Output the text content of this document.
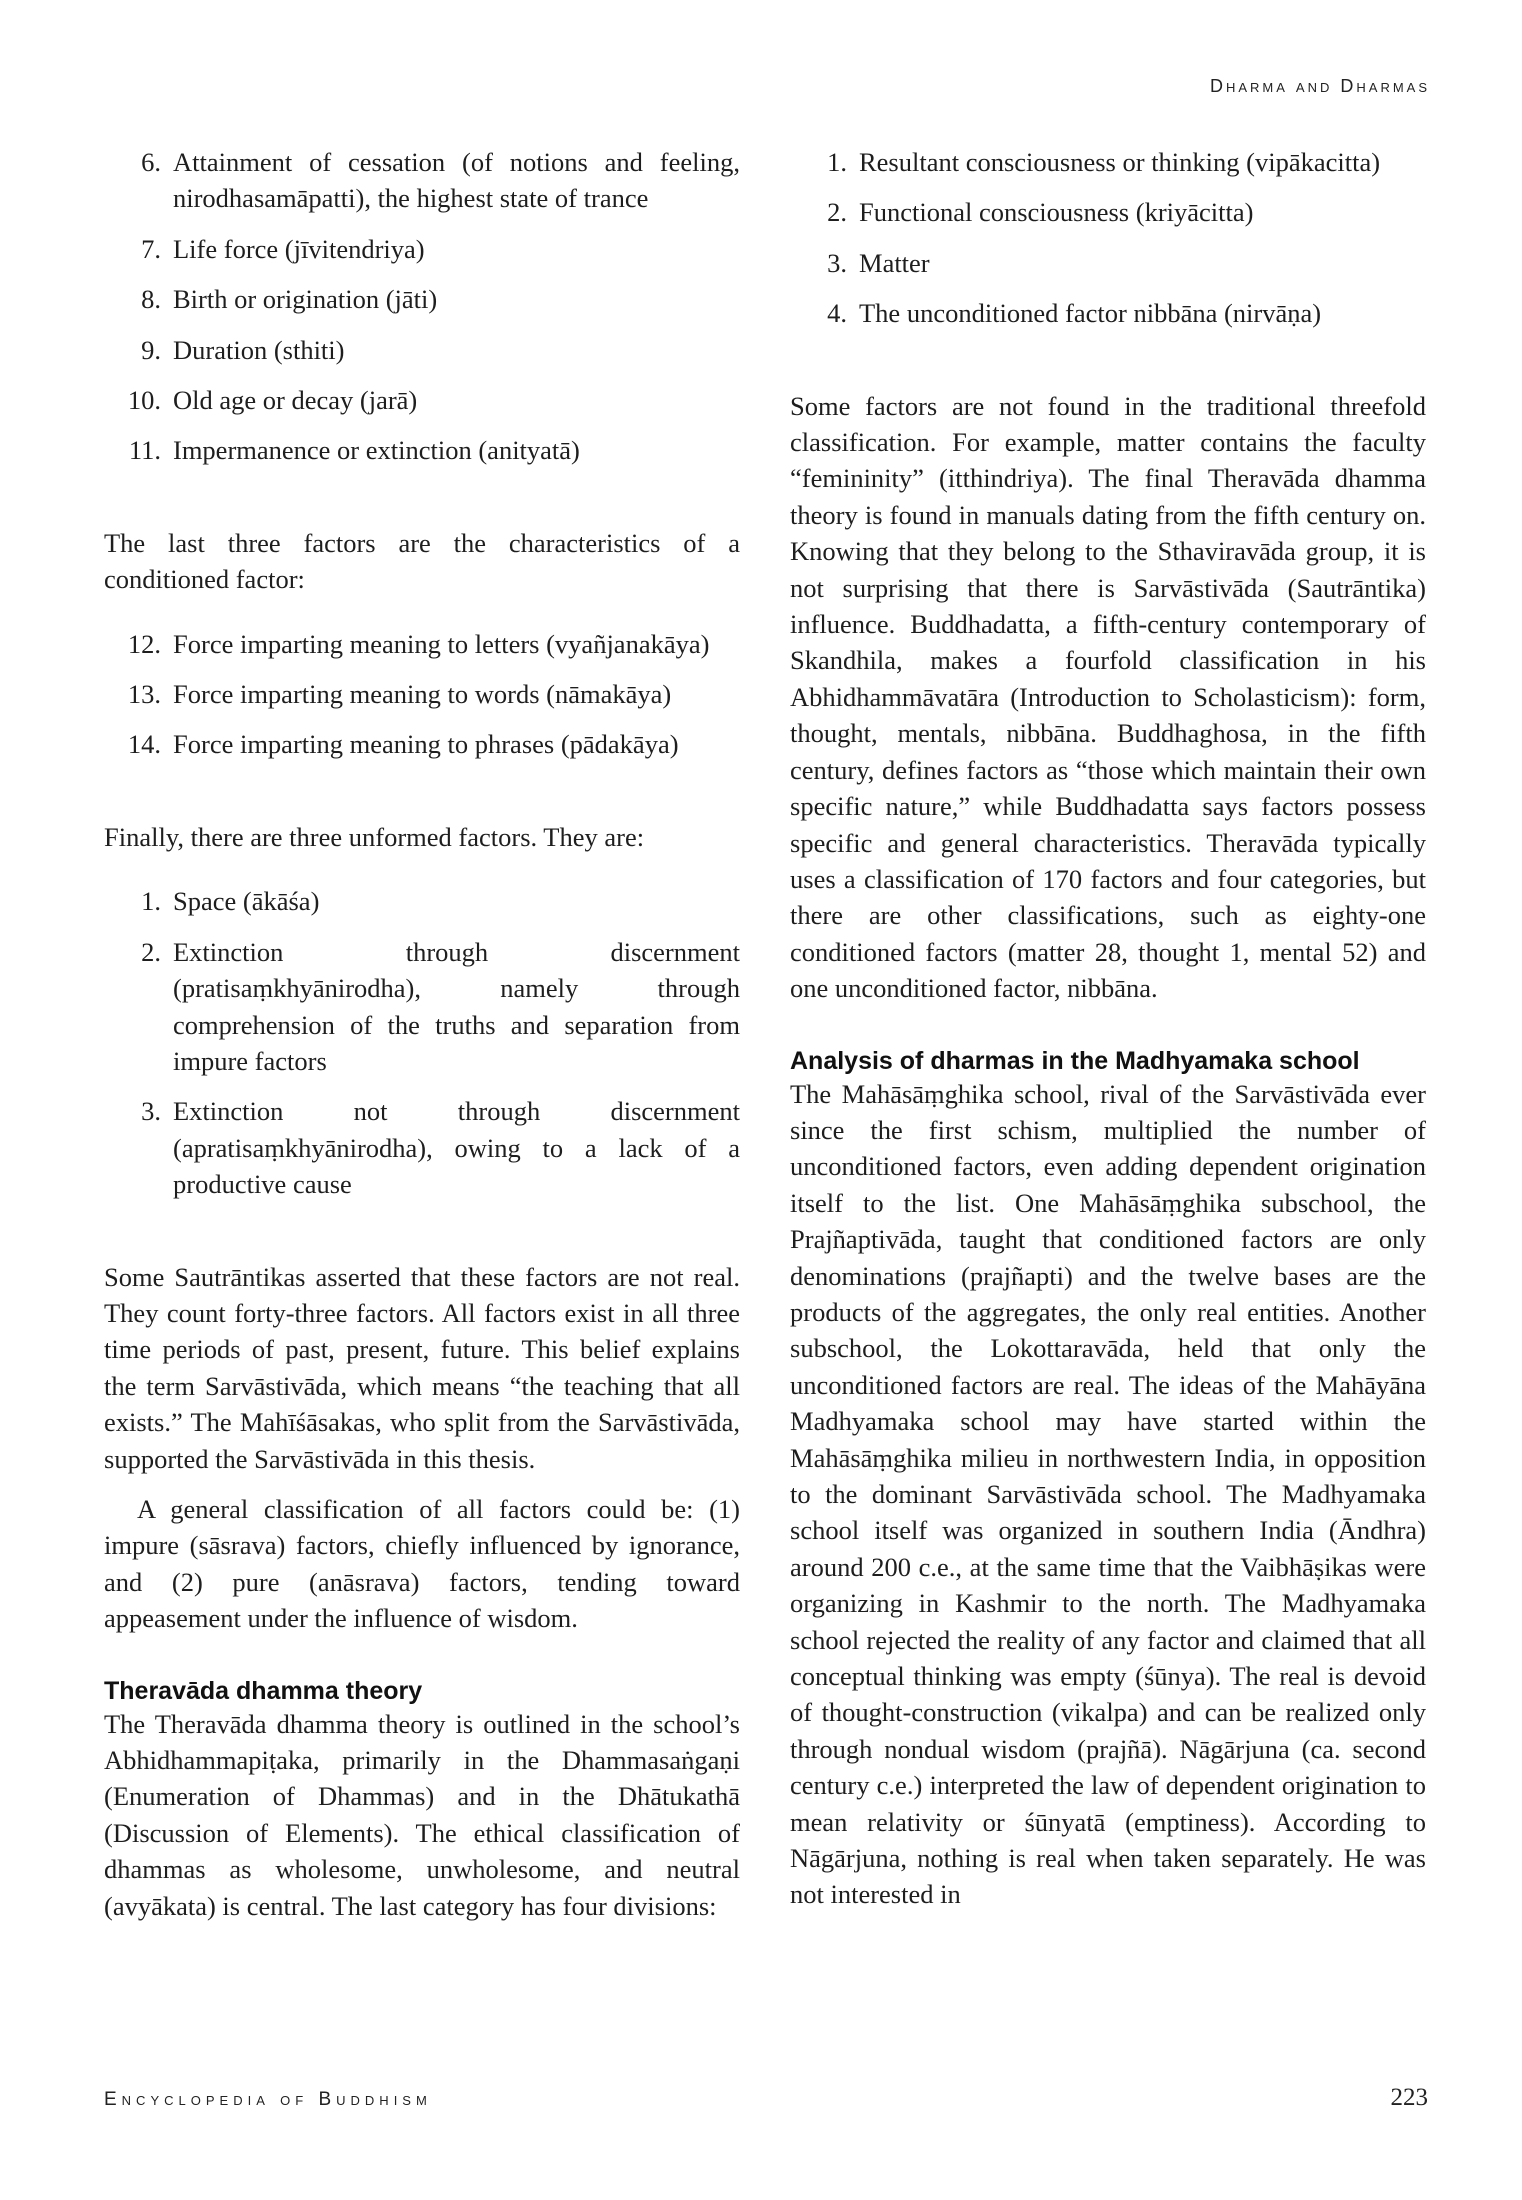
Dharma and Dharmas
6. Attainment of cessation (of notions and feeling, nirodhasamāpatti), the highest state of trance
7. Life force (jīvitendriya)
8. Birth or origination (jāti)
9. Duration (sthiti)
10. Old age or decay (jarā)
11. Impermanence or extinction (anityatā)

The last three factors are the characteristics of a conditioned factor:

12. Force imparting meaning to letters (vyañjanakāya)
13. Force imparting meaning to words (nāmakāya)
14. Force imparting meaning to phrases (pādakāya)

Finally, there are three unformed factors. They are:

1. Space (ākāśa)
2. Extinction through discernment (pratisaṃkhyānirodha), namely through comprehension of the truths and separation from impure factors
3. Extinction not through discernment (apratisaṃkhyānirodha), owing to a lack of a productive cause

Some Sautrāntikas asserted that these factors are not real. They count forty-three factors. All factors exist in all three time periods of past, present, future. This belief explains the term Sarvāstivāda, which means “the teaching that all exists.” The Mahīśāsakas, who split from the Sarvāstivāda, supported the Sarvāstivāda in this thesis.

A general classification of all factors could be: (1) impure (sāsrava) factors, chiefly influenced by ignorance, and (2) pure (anāsrava) factors, tending toward appeasement under the influence of wisdom.

Theravāda dhamma theory

The Theravāda dhamma theory is outlined in the school’s Abhidhammapiṭaka, primarily in the Dhammasaṅgaṇi (Enumeration of Dhammas) and in the Dhātukathā (Discussion of Elements). The ethical classification of dhammas as wholesome, unwholesome, and neutral (avyākata) is central. The last category has four divisions:

1. Resultant consciousness or thinking (vipākacitta)
2. Functional consciousness (kriyācitta)
3. Matter
4. The unconditioned factor nibbāna (nirvāṇa)

Some factors are not found in the traditional threefold classification. For example, matter contains the faculty “femininity” (itthindriya). The final Theravāda dhamma theory is found in manuals dating from the fifth century on. Knowing that they belong to the Sthaviravāda group, it is not surprising that there is Sarvāstivāda (Sautrāntika) influence. Buddhadatta, a fifth-century contemporary of Skandhila, makes a fourfold classification in his Abhidhammāvatāra (Introduction to Scholasticism): form, thought, mentals, nibbāna. Buddhaghosa, in the fifth century, defines factors as “those which maintain their own specific nature,” while Buddhadatta says factors possess specific and general characteristics. Theravāda typically uses a classification of 170 factors and four categories, but there are other classifications, such as eighty-one conditioned factors (matter 28, thought 1, mental 52) and one unconditioned factor, nibbāna.

Analysis of dharmas in the Madhyamaka school

The Mahāsāṃghika school, rival of the Sarvāstivāda ever since the first schism, multiplied the number of unconditioned factors, even adding dependent origination itself to the list. One Mahāsāṃghika subschool, the Prajñaptivāda, taught that conditioned factors are only denominations (prajñapti) and the twelve bases are the products of the aggregates, the only real entities. Another subschool, the Lokottaravāda, held that only the unconditioned factors are real. The ideas of the Mahāyāna Madhyamaka school may have started within the Mahāsāṃghika milieu in northwestern India, in opposition to the dominant Sarvāstivāda school. The Madhyamaka school itself was organized in southern India (Āndhra) around 200 c.e., at the same time that the Vaibhāṣikas were organizing in Kashmir to the north. The Madhyamaka school rejected the reality of any factor and claimed that all conceptual thinking was empty (śūnya). The real is devoid of thought-construction (vikalpa) and can be realized only through nondual wisdom (prajñā). Nāgārjuna (ca. second century c.e.) interpreted the law of dependent origination to mean relativity or śūnyatā (emptiness). According to Nāgārjuna, nothing is real when taken separately. He was not interested in

Encyclopedia of Buddhism	223
